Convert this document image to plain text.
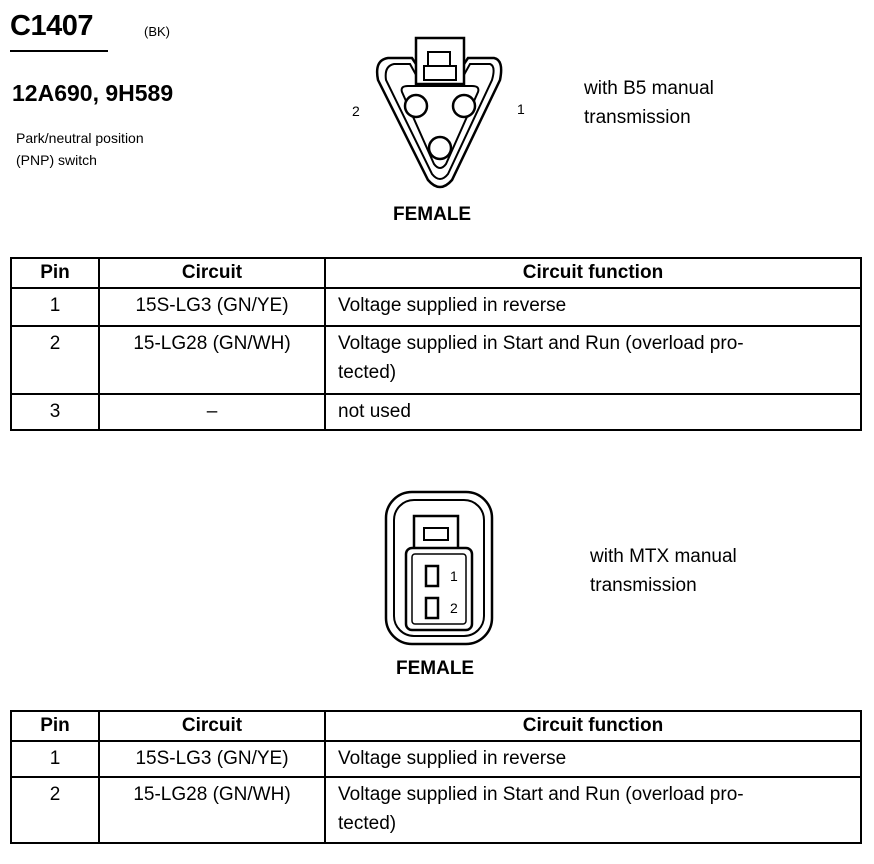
C1407	(BK)
12A690, 9H589
Park/neutral position
(PNP) switch
2	1
with B5 manual
transmission
FEMALE
Pin	Circuit	Circuit function
1	15S-LG3 (GN/YE)	Voltage supplied in reverse
2	15-LG28 (GN/WH)	Voltage supplied in Start and Run (overload pro-
tected)

3	–	not used
1
2
with MTX manual
transmission
FEMALE
Pin	Circuit	Circuit function
1	15S-LG3 (GN/YE)	Voltage supplied in reverse
2	15-LG28 (GN/WH)	Voltage supplied in Start and Run (overload pro-
tected)
